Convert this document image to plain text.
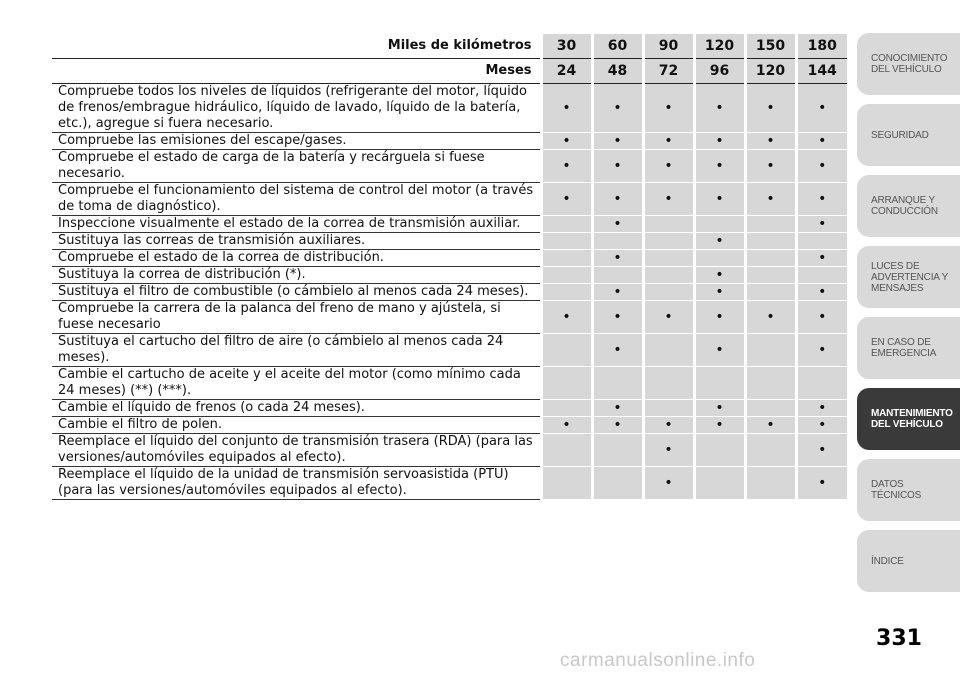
Miles de kilómetros	30	60	90	120	150	180
Meses	24	48	72	96	120	144
Compruebe todos los niveles de líquidos (refrigerante del motor, líquido de frenos/embrague hidráulico, líquido de lavado, líquido de la batería, etc.), agregue si fuera necesario.	•	•	•	•	•	•
Compruebe las emisiones del escape/gases.	•	•	•	•	•	•
Compruebe el estado de carga de la batería y recárguela si fuese necesario.	•	•	•	•	•	•
Compruebe el funcionamiento del sistema de control del motor (a través de toma de diagnóstico).	•	•	•	•	•	•
Inspeccione visualmente el estado de la correa de transmisión auxiliar.		•				•
Sustituya las correas de transmisión auxiliares.				•		
Compruebe el estado de la correa de distribución.		•				•
Sustituya la correa de distribución (*).				•		
Sustituya el filtro de combustible (o cámbielo al menos cada 24 meses).		•		•		•
Compruebe la carrera de la palanca del freno de mano y ajústela, si fuese necesario	•	•	•	•	•	•
Sustituya el cartucho del filtro de aire (o cámbielo al menos cada 24 meses).		•		•		•
Cambie el cartucho de aceite y el aceite del motor (como mínimo cada 24 meses) (**) (***).						
Cambie el líquido de frenos (o cada 24 meses).		•		•		•
Cambie el filtro de polen.	•	•	•	•	•	•
Reemplace el líquido del conjunto de transmisión trasera (RDA) (para las versiones/automóviles equipados al efecto).			•			•
Reemplace el líquido de la unidad de transmisión servoasistida (PTU) (para las versiones/automóviles equipados al efecto).			•			•
CONOCIMIENTO
DEL VEHÍCULO
SEGURIDAD
ARRANQUE Y
CONDUCCIÓN
LUCES DE
ADVERTENCIA Y
MENSAJES
EN CASO DE
EMERGENCIA
MANTENIMIENTO
DEL VEHÍCULO
DATOS
TÉCNICOS
ÍNDICE
331
carmanualsonline.info
